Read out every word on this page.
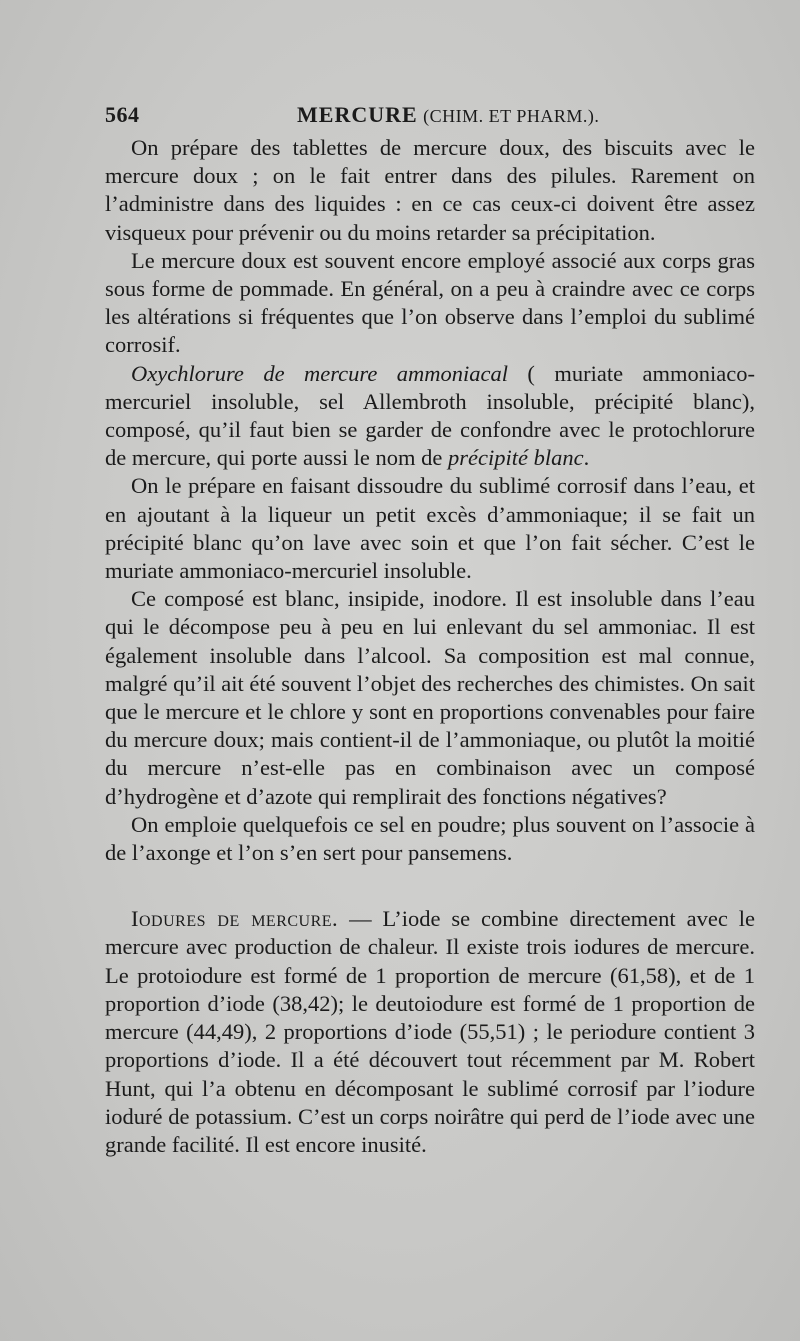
564	MERCURE (CHIM. ET PHARM.).

On prépare des tablettes de mercure doux, des biscuits avec le mercure doux ; on le fait entrer dans des pilules. Rarement on l’administre dans des liquides : en ce cas ceux-ci doivent être assez visqueux pour prévenir ou du moins retarder sa précipitation.

Le mercure doux est souvent encore employé associé aux corps gras sous forme de pommade. En général, on a peu à craindre avec ce corps les altérations si fréquentes que l’on observe dans l’emploi du sublimé corrosif.

Oxychlorure de mercure ammoniacal ( muriate ammoniaco-mercuriel insoluble, sel Allembroth insoluble, précipité blanc), composé, qu’il faut bien se garder de confondre avec le protochlorure de mercure, qui porte aussi le nom de précipité blanc.

On le prépare en faisant dissoudre du sublimé corrosif dans l’eau, et en ajoutant à la liqueur un petit excès d’ammoniaque; il se fait un précipité blanc qu’on lave avec soin et que l’on fait sécher. C’est le muriate ammoniaco-mercuriel insoluble.

Ce composé est blanc, insipide, inodore. Il est insoluble dans l’eau qui le décompose peu à peu en lui enlevant du sel ammoniac. Il est également insoluble dans l’alcool. Sa composition est mal connue, malgré qu’il ait été souvent l’objet des recherches des chimistes. On sait que le mercure et le chlore y sont en proportions convenables pour faire du mercure doux; mais contient-il de l’ammoniaque, ou plutôt la moitié du mercure n’est-elle pas en combinaison avec un composé d’hydrogène et d’azote qui remplirait des fonctions négatives?

On emploie quelquefois ce sel en poudre; plus souvent on l’associe à de l’axonge et l’on s’en sert pour pansemens.

Iodures de mercure. — L’iode se combine directement avec le mercure avec production de chaleur. Il existe trois iodures de mercure. Le protoiodure est formé de 1 proportion de mercure (61,58), et de 1 proportion d’iode (38,42); le deutoiodure est formé de 1 proportion de mercure (44,49), 2 proportions d’iode (55,51) ; le periodure contient 3 proportions d’iode. Il a été découvert tout récemment par M. Robert Hunt, qui l’a obtenu en décomposant le sublimé corrosif par l’iodure ioduré de potassium. C’est un corps noirâtre qui perd de l’iode avec une grande facilité. Il est encore inusité.
